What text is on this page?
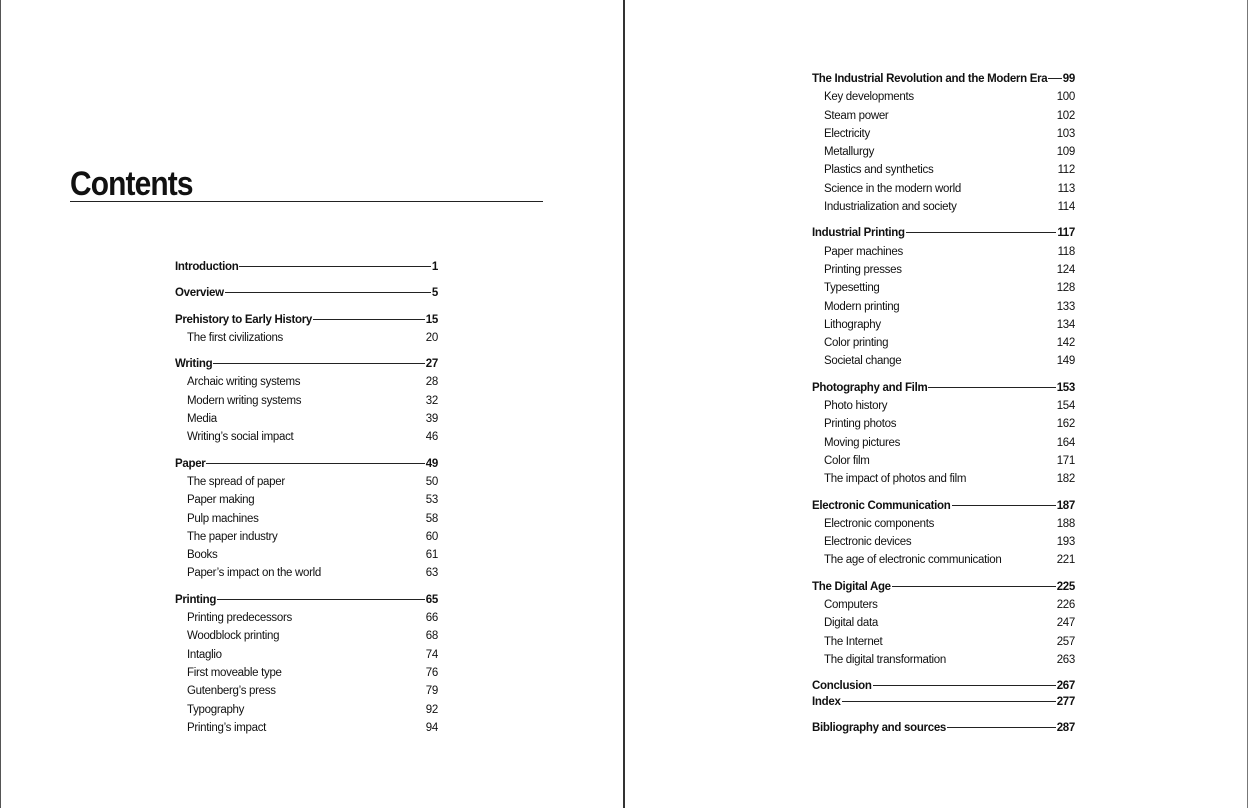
Contents
Introduction	1
Overview	5
Prehistory to Early History	15
The first civilizations	20
Writing	27
Archaic writing systems	28
Modern writing systems	32
Media	39
Writing’s social impact	46
Paper	49
The spread of paper	50
Paper making	53
Pulp machines	58
The paper industry	60
Books	61
Paper’s impact on the world	63
Printing	65
Printing predecessors	66
Woodblock printing	68
Intaglio	74
First moveable type	76
Gutenberg’s press	79
Typography	92
Printing’s impact	94
The Industrial Revolution and the Modern Era 99
Key developments	100
Steam power	102
Electricity	103
Metallurgy	109
Plastics and synthetics	112
Science in the modern world	113
Industrialization and society	114
Industrial Printing	117
Paper machines	118
Printing presses	124
Typesetting	128
Modern printing	133
Lithography	134
Color printing	142
Societal change	149
Photography and Film	153
Photo history	154
Printing photos	162
Moving pictures	164
Color film	171
The impact of photos and film	182
Electronic Communication	187
Electronic components	188
Electronic devices	193
The age of electronic communication	221
The Digital Age	225
Computers	226
Digital data	247
The Internet	257
The digital transformation	263
Conclusion	267
Index	277
Bibliography and sources	287
